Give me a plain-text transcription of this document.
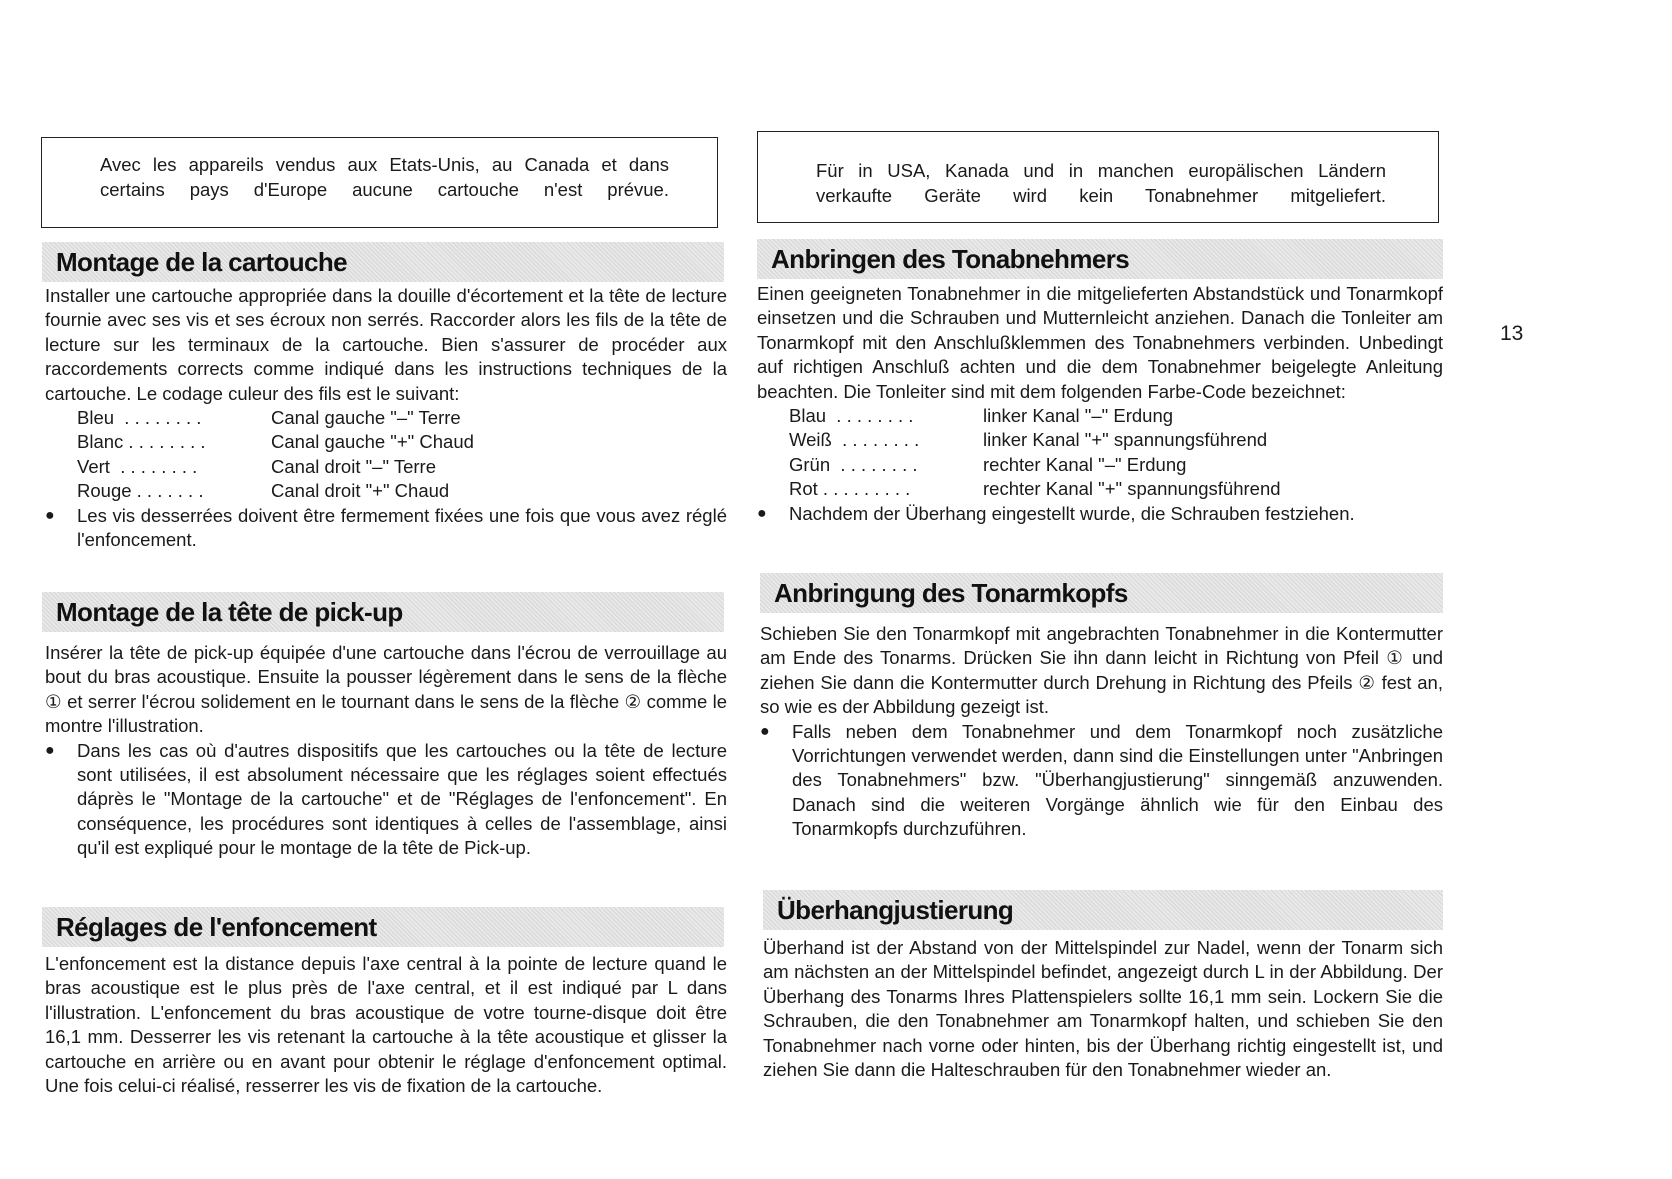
Avec les appareils vendus aux Etats-Unis, au Canada et dans

certains pays d'Europe aucune cartouche n'est prévue.

Montage de la cartouche

Installer une cartouche appropriée dans la douille d'écortement et la tête de lecture fournie avec ses vis et ses écroux non serrés. Raccorder alors les fils de la tête de lecture sur les terminaux de la cartouche. Bien s'assurer de procéder aux raccordements corrects comme indiqué dans les instructions techniques de la cartouche. Le codage culeur des fils est le suivant:

Bleu  . . . . . . . .	Canal gauche "–" Terre
Blanc . . . . . . . .	Canal gauche "+" Chaud
Vert  . . . . . . . .	Canal droit "–" Terre
Rouge . . . . . . .	Canal droit "+" Chaud
●	Les vis desserrées doivent être fermement fixées une fois que vous avez réglé l'enfoncement.
Montage de la tête de pick-up

Insérer la tête de pick-up équipée d'une cartouche dans l'écrou de verrouillage au bout du bras acoustique. Ensuite la pousser légèrement dans le sens de la flèche ① et serrer l'écrou solidement en le tournant dans le sens de la flèche ② comme le montre l'illustration.

●	Dans les cas où d'autres dispositifs que les cartouches ou la tête de lecture sont utilisées, il est absolument nécessaire que les réglages soient effectués dáprès le "Montage de la cartouche" et de "Réglages de l'enfoncement". En conséquence, les procédures sont identiques à celles de l'assemblage, ainsi qu'il est expliqué pour le montage de la tête de Pick-up.
Réglages de l'enfoncement

L'enfoncement est la distance depuis l'axe central à la pointe de lecture quand le bras acoustique est le plus près de l'axe central, et il est indiqué par L dans l'illustration. L'enfoncement du bras acoustique de votre tourne-disque doit être 16,1 mm. Desserrer les vis retenant la cartouche à la tête acoustique et glisser la cartouche en arrière ou en avant pour obtenir le réglage d'enfoncement optimal. Une fois celui-ci réalisé, resserrer les vis de fixation de la cartouche.

Für in USA, Kanada und in manchen europälischen Ländern

verkaufte Geräte wird kein Tonabnehmer mitgeliefert.

Anbringen des Tonabnehmers

Einen geeigneten Tonabnehmer in die mitgelieferten Abstandstück und Tonarmkopf einsetzen und die Schrauben und Mutternleicht anziehen. Danach die Tonleiter am Tonarmkopf mit den Anschlußklemmen des Tonabnehmers verbinden. Unbedingt auf richtigen Anschluß achten und die dem Tonabnehmer beigelegte Anleitung beachten. Die Tonleiter sind mit dem folgenden Farbe-Code bezeichnet:

Blau  . . . . . . . .	linker Kanal "–" Erdung
Weiß  . . . . . . . .	linker Kanal "+" spannungsführend
Grün  . . . . . . . .	rechter Kanal "–" Erdung
Rot . . . . . . . . .	rechter Kanal "+" spannungsführend
●	Nachdem der Überhang eingestellt wurde, die Schrauben festziehen.
Anbringung des Tonarmkopfs

Schieben Sie den Tonarmkopf mit angebrachten Tonabnehmer in die Kontermutter am Ende des Tonarms. Drücken Sie ihn dann leicht in Richtung von Pfeil ① und ziehen Sie dann die Kontermutter durch Drehung in Richtung des Pfeils ② fest an, so wie es der Abbildung gezeigt ist.

●	Falls neben dem Tonabnehmer und dem Tonarmkopf noch zusätzliche Vorrichtungen verwendet werden, dann sind die Einstellungen unter "Anbringen des Tonabnehmers" bzw. "Überhangjustierung" sinngemäß anzuwenden. Danach sind die weiteren Vorgänge ähnlich wie für den Einbau des Tonarmkopfs durchzuführen.
Überhangjustierung

Überhand ist der Abstand von der Mittelspindel zur Nadel, wenn der Tonarm sich am nächsten an der Mittelspindel befindet, angezeigt durch L in der Abbildung. Der Überhang des Tonarms Ihres Plattenspielers sollte 16,1 mm sein. Lockern Sie die Schrauben, die den Tonabnehmer am Tonarmkopf halten, und schieben Sie den Tonabnehmer nach vorne oder hinten, bis der Überhang richtig eingestellt ist, und ziehen Sie dann die Halteschrauben für den Tonabnehmer wieder an.

13
